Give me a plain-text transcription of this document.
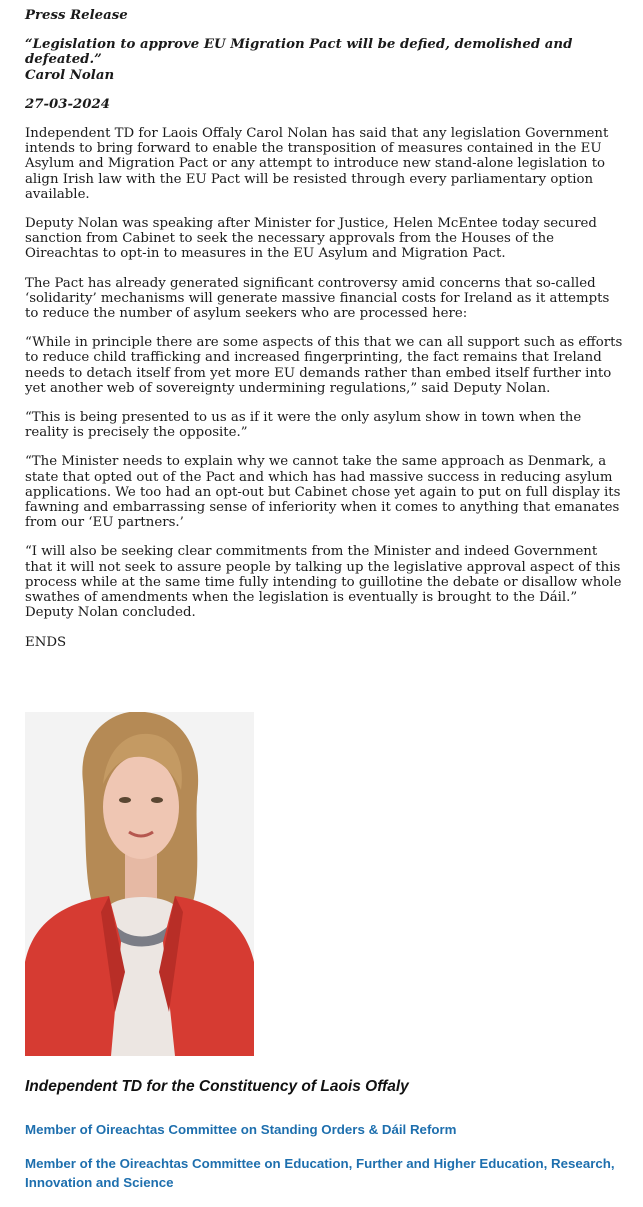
Press Release

“Legislation to approve EU Migration Pact will be defied, demolished and defeated.”
Carol Nolan

27-03-2024

Independent TD for Laois Offaly Carol Nolan has said that any legislation Government intends to bring forward to enable the transposition of measures contained in the EU Asylum and Migration Pact or any attempt to introduce new stand-alone legislation to align Irish law with the EU Pact will be resisted through every parliamentary option available.

Deputy Nolan was speaking after Minister for Justice, Helen McEntee today secured sanction from Cabinet to seek the necessary approvals from the Houses of the Oireachtas to opt-in to measures in the EU Asylum and Migration Pact.

The Pact has already generated significant controversy amid concerns that so-called ‘solidarity’ mechanisms will generate massive financial costs for Ireland as it attempts to reduce the number of asylum seekers who are processed here:

“While in principle there are some aspects of this that we can all support such as efforts to reduce child trafficking and increased fingerprinting, the fact remains that Ireland needs to detach itself from yet more EU demands rather than embed itself further into yet another web of sovereignty undermining regulations,” said Deputy Nolan.

“This is being presented to us as if it were the only asylum show in town when the reality is precisely the opposite.”

“The Minister needs to explain why we cannot take the same approach as Denmark, a state that opted out of the Pact and which has had massive success in reducing asylum applications. We too had an opt-out but Cabinet chose yet again to put on full display its fawning and embarrassing sense of inferiority when it comes to anything that emanates from our ‘EU partners.’

“I will also be seeking clear commitments from the Minister and indeed Government that it will not seek to assure people by talking up the legislative approval aspect of this process while at the same time fully intending to guillotine the debate or disallow whole swathes of amendments when the legislation is eventually is brought to the Dáil.” Deputy Nolan concluded.

ENDS

Independent TD for the Constituency of Laois Offaly
Member of Oireachtas Committee on Standing Orders & Dáil Reform
Member of the Oireachtas Committee on Education, Further and Higher Education, Research, Innovation and Science
